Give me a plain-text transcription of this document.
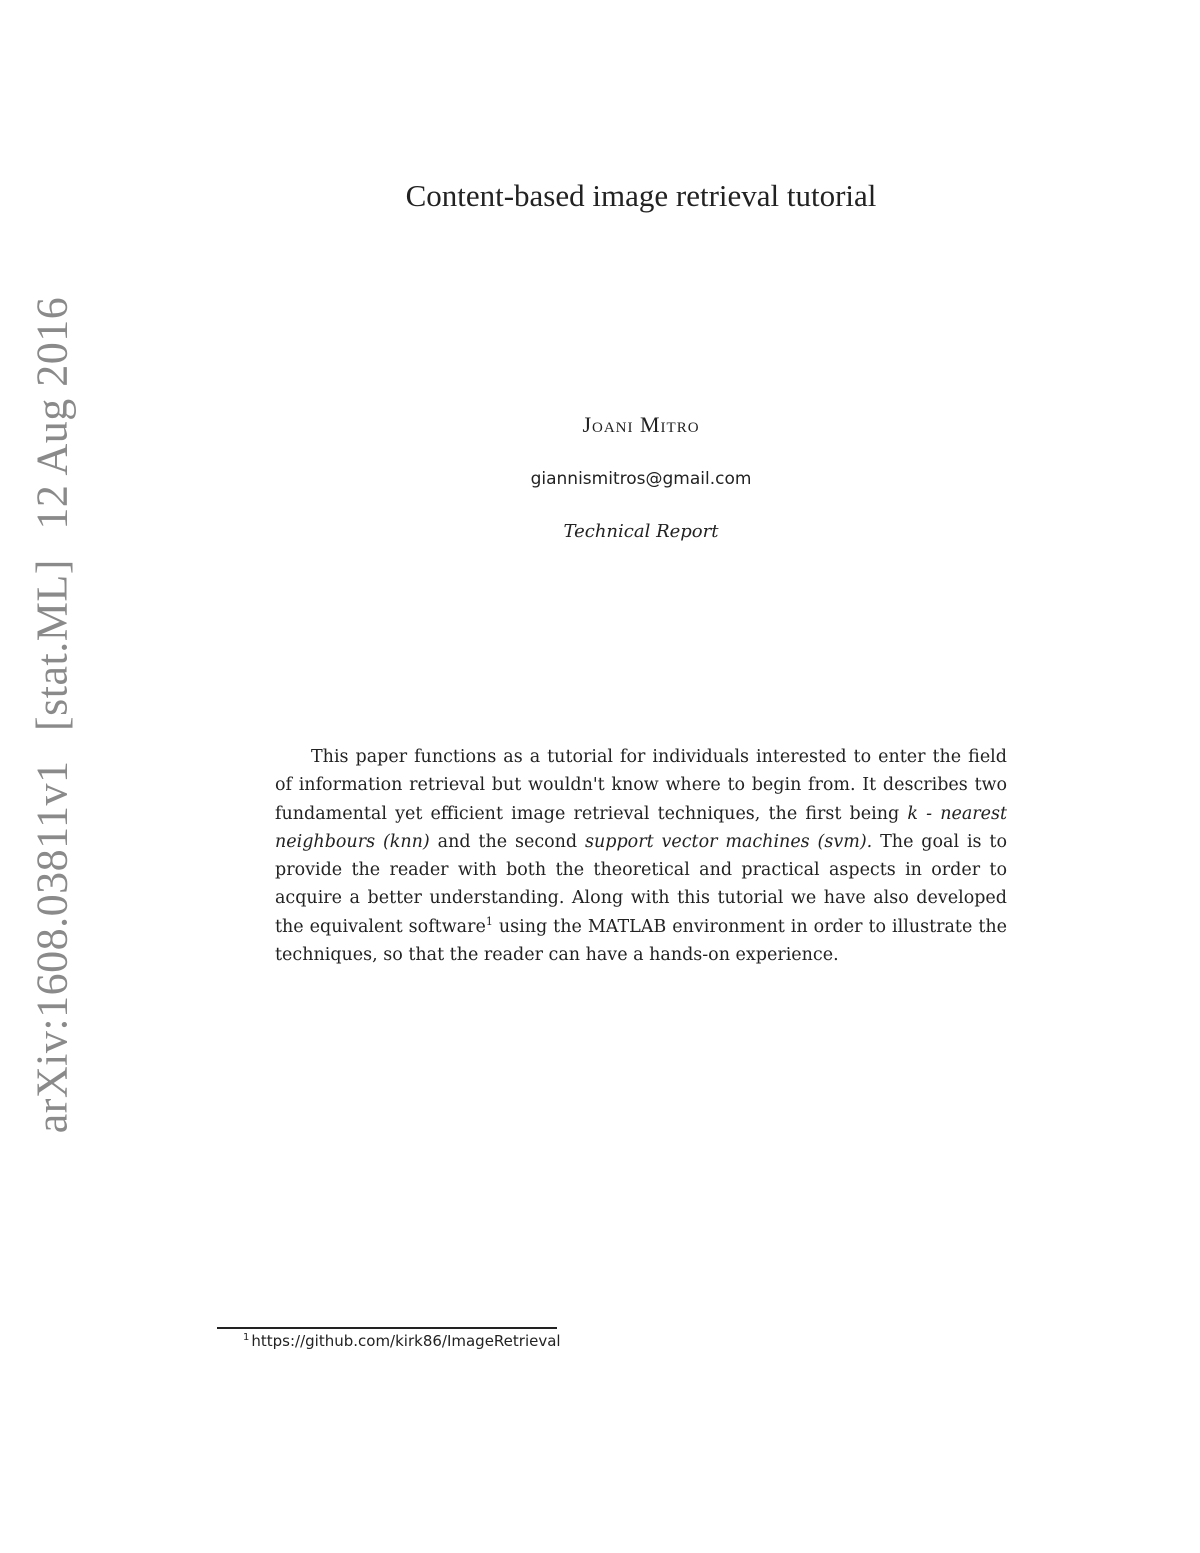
arXiv:1608.03811v1 [stat.ML] 12 Aug 2016
Content-based image retrieval tutorial
Joani Mitro
giannismitros@gmail.com
Technical Report

This paper functions as a tutorial for individuals interested to enter the field of information retrieval but wouldn't know where to begin from. It describes two fundamental yet efficient image retrieval techniques, the first being k - nearest neighbours (knn) and the second support vector machines (svm). The goal is to provide the reader with both the theoretical and practical aspects in order to acquire a better understanding. Along with this tutorial we have also developed the equivalent software$^1$ using the MATLAB environment in order to illustrate the techniques, so that the reader can have a hands-on experience.

$^1$ https://github.com/kirk86/ImageRetrieval
